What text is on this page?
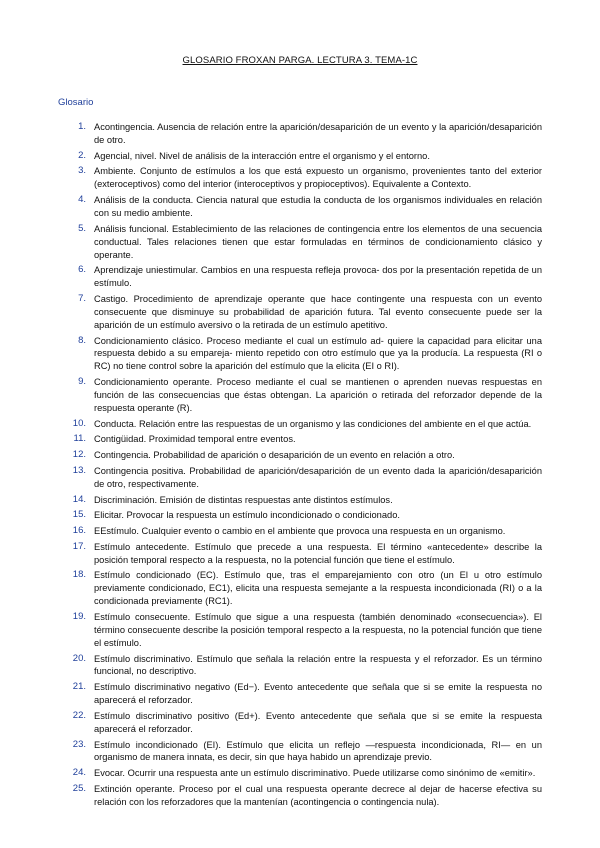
GLOSARIO FROXAN PARGA. LECTURA 3. TEMA-1C
Glosario
1. Acontingencia. Ausencia de relación entre la aparición/desaparición de un evento y la aparición/desaparición de otro.
2. Agencial, nivel. Nivel de análisis de la interacción entre el organismo y el entorno.
3. Ambiente. Conjunto de estímulos a los que está expuesto un organismo, provenientes tanto del exterior (exteroceptivos) como del interior (interoceptivos y propioceptivos). Equivalente a Contexto.
4. Análisis de la conducta. Ciencia natural que estudia la conducta de los organismos individuales en relación con su medio ambiente.
5. Análisis funcional. Establecimiento de las relaciones de contingencia entre los elementos de una secuencia conductual. Tales relaciones tienen que estar formuladas en términos de condicionamiento clásico y operante.
6. Aprendizaje uniestimular. Cambios en una respuesta refleja provoca- dos por la presentación repetida de un estímulo.
7. Castigo. Procedimiento de aprendizaje operante que hace contingente una respuesta con un evento consecuente que disminuye su probabilidad de aparición futura. Tal evento consecuente puede ser la aparición de un estímulo aversivo o la retirada de un estímulo apetitivo.
8. Condicionamiento clásico. Proceso mediante el cual un estímulo ad- quiere la capacidad para elicitar una respuesta debido a su empareja- miento repetido con otro estímulo que ya la producía. La respuesta (RI o RC) no tiene control sobre la aparición del estímulo que la elicita (EI o RI).
9. Condicionamiento operante. Proceso mediante el cual se mantienen o aprenden nuevas respuestas en función de las consecuencias que éstas obtengan. La aparición o retirada del reforzador depende de la respuesta operante (R).
10. Conducta. Relación entre las respuestas de un organismo y las condiciones del ambiente en el que actúa.
11. Contigüidad. Proximidad temporal entre eventos.
12. Contingencia. Probabilidad de aparición o desaparición de un evento en relación a otro.
13. Contingencia positiva. Probabilidad de aparición/desaparición de un evento dada la aparición/desaparición de otro, respectivamente.
14. Discriminación. Emisión de distintas respuestas ante distintos estímulos.
15. Elicitar. Provocar la respuesta un estímulo incondicionado o condicionado.
16. EEstímulo. Cualquier evento o cambio en el ambiente que provoca una respuesta en un organismo.
17. Estímulo antecedente. Estímulo que precede a una respuesta. El término «antecedente» describe la posición temporal respecto a la respuesta, no la potencial función que tiene el estímulo.
18. Estímulo condicionado (EC). Estímulo que, tras el emparejamiento con otro (un El u otro estímulo previamente condicionado, EC1), elicita una respuesta semejante a la respuesta incondicionada (RI) o a la condicionada previamente (RC1).
19. Estímulo consecuente. Estímulo que sigue a una respuesta (también denominado «consecuencia»). El término consecuente describe la posición temporal respecto a la respuesta, no la potencial función que tiene el estímulo.
20. Estímulo discriminativo. Estímulo que señala la relación entre la respuesta y el reforzador. Es un término funcional, no descriptivo.
21. Estímulo discriminativo negativo (Ed−). Evento antecedente que señala que si se emite la respuesta no aparecerá el reforzador.
22. Estímulo discriminativo positivo (Ed+). Evento antecedente que señala que si se emite la respuesta aparecerá el reforzador.
23. Estímulo incondicionado (EI). Estímulo que elicita un reflejo —respuesta incondicionada, RI— en un organismo de manera innata, es decir, sin que haya habido un aprendizaje previo.
24. Evocar. Ocurrir una respuesta ante un estímulo discriminativo. Puede utilizarse como sinónimo de «emitir».
25. Extinción operante. Proceso por el cual una respuesta operante decrece al dejar de hacerse efectiva su relación con los reforzadores que la mantenían (acontingencia o contingencia nula).
